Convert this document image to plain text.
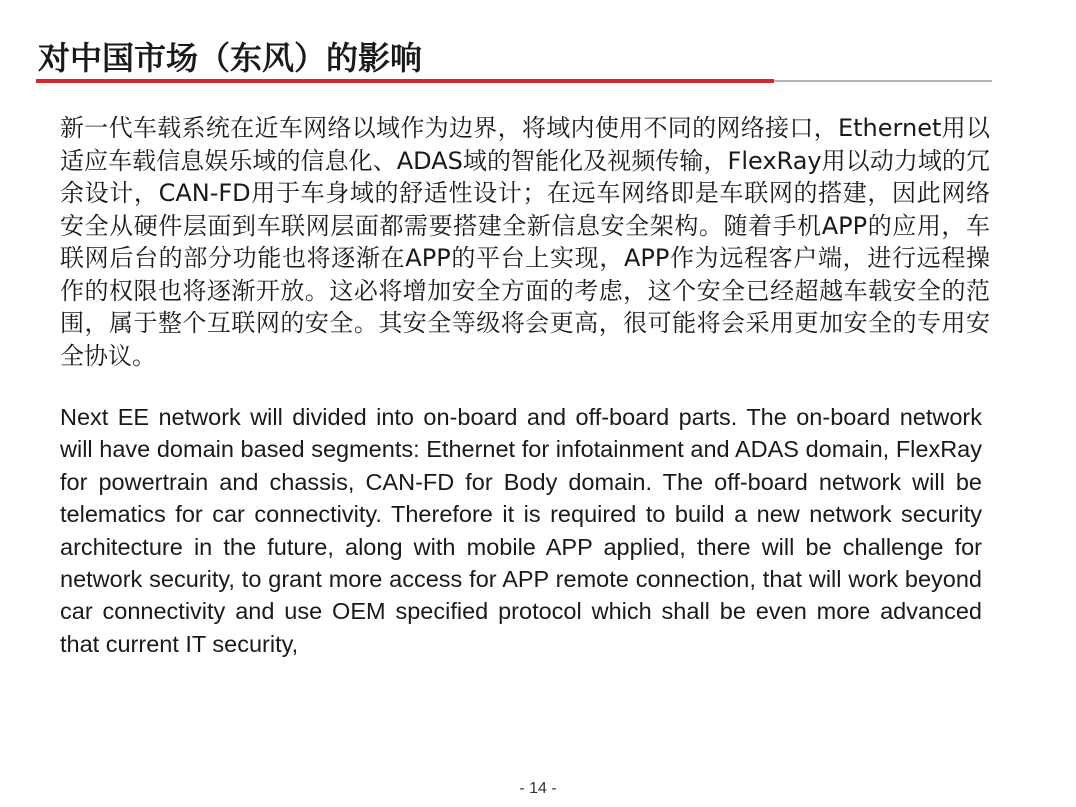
对中国市场（东风）的影响

新一代车载系统在近车网络以域作为边界，将域内使用不同的网络接口，Ethernet用以适应车载信息娱乐域的信息化、ADAS域的智能化及视频传输，FlexRay用以动力域的冗余设计，CAN-FD用于车身域的舒适性设计；在远车网络即是车联网的搭建，因此网络安全从硬件层面到车联网层面都需要搭建全新信息安全架构。随着手机APP的应用，车联网后台的部分功能也将逐渐在APP的平台上实现，APP作为远程客户端，进行远程操作的权限也将逐渐开放。这必将增加安全方面的考虑，这个安全已经超越车载安全的范围，属于整个互联网的安全。其安全等级将会更高，很可能将会采用更加安全的专用安全协议。

Next EE network will divided into on-board and off-board parts. The on-board network will have domain based segments: Ethernet for infotainment and ADAS domain, FlexRay for powertrain and chassis, CAN-FD for Body domain. The off-board network will be telematics for car connectivity. Therefore it is required to build a new network security architecture in the future, along with mobile APP applied, there will be challenge for network security, to grant more access for APP remote connection, that will work beyond car connectivity and use OEM specified protocol which shall be even more advanced that current IT security,

- 14 -
